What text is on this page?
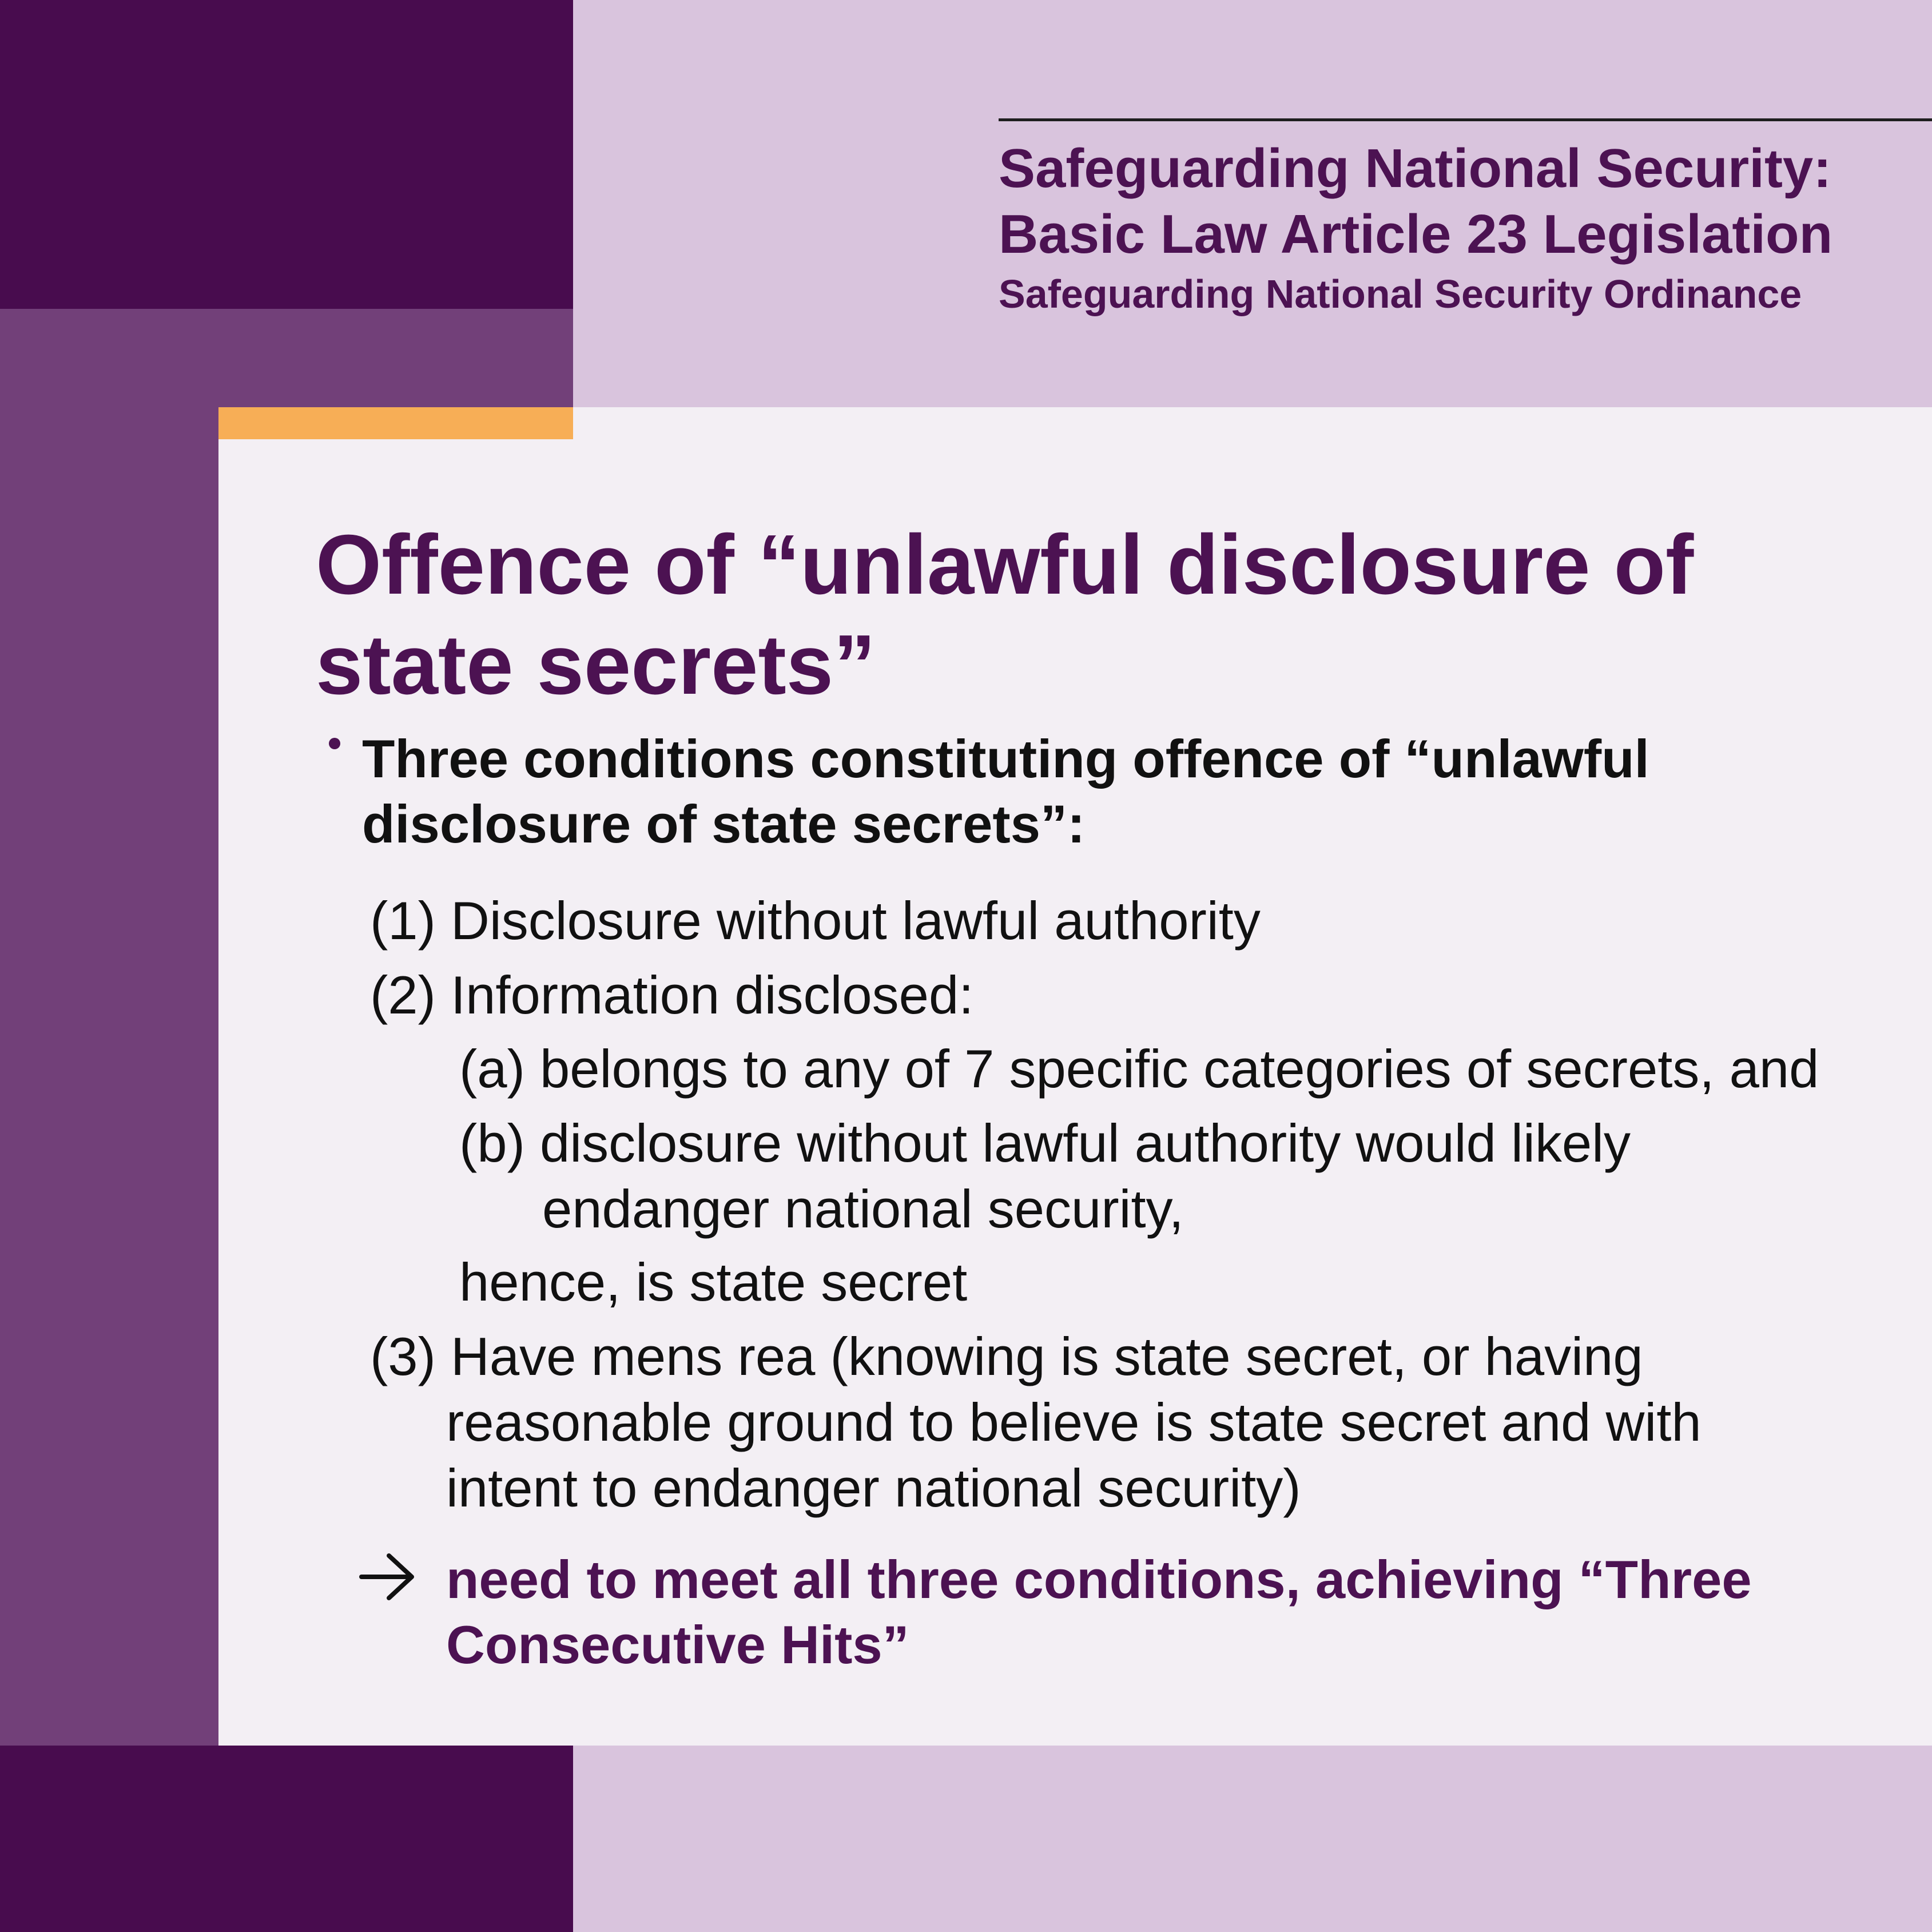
Safeguarding National Security:
Basic Law Article 23 Legislation
Safeguarding National Security Ordinance
Offence of “unlawful disclosure of state secrets”
Three conditions constituting offence of “unlawful disclosure of state secrets”:
(1) Disclosure without lawful authority
(2) Information disclosed:
(a) belongs to any of 7 specific categories of secrets, and
(b) disclosure without lawful authority would likely
endanger national security,
hence, is state secret
(3) Have mens rea (knowing is state secret, or having
reasonable ground to believe is state secret and with
intent to endanger national security)
need to meet all three conditions, achieving “Three Consecutive Hits”
